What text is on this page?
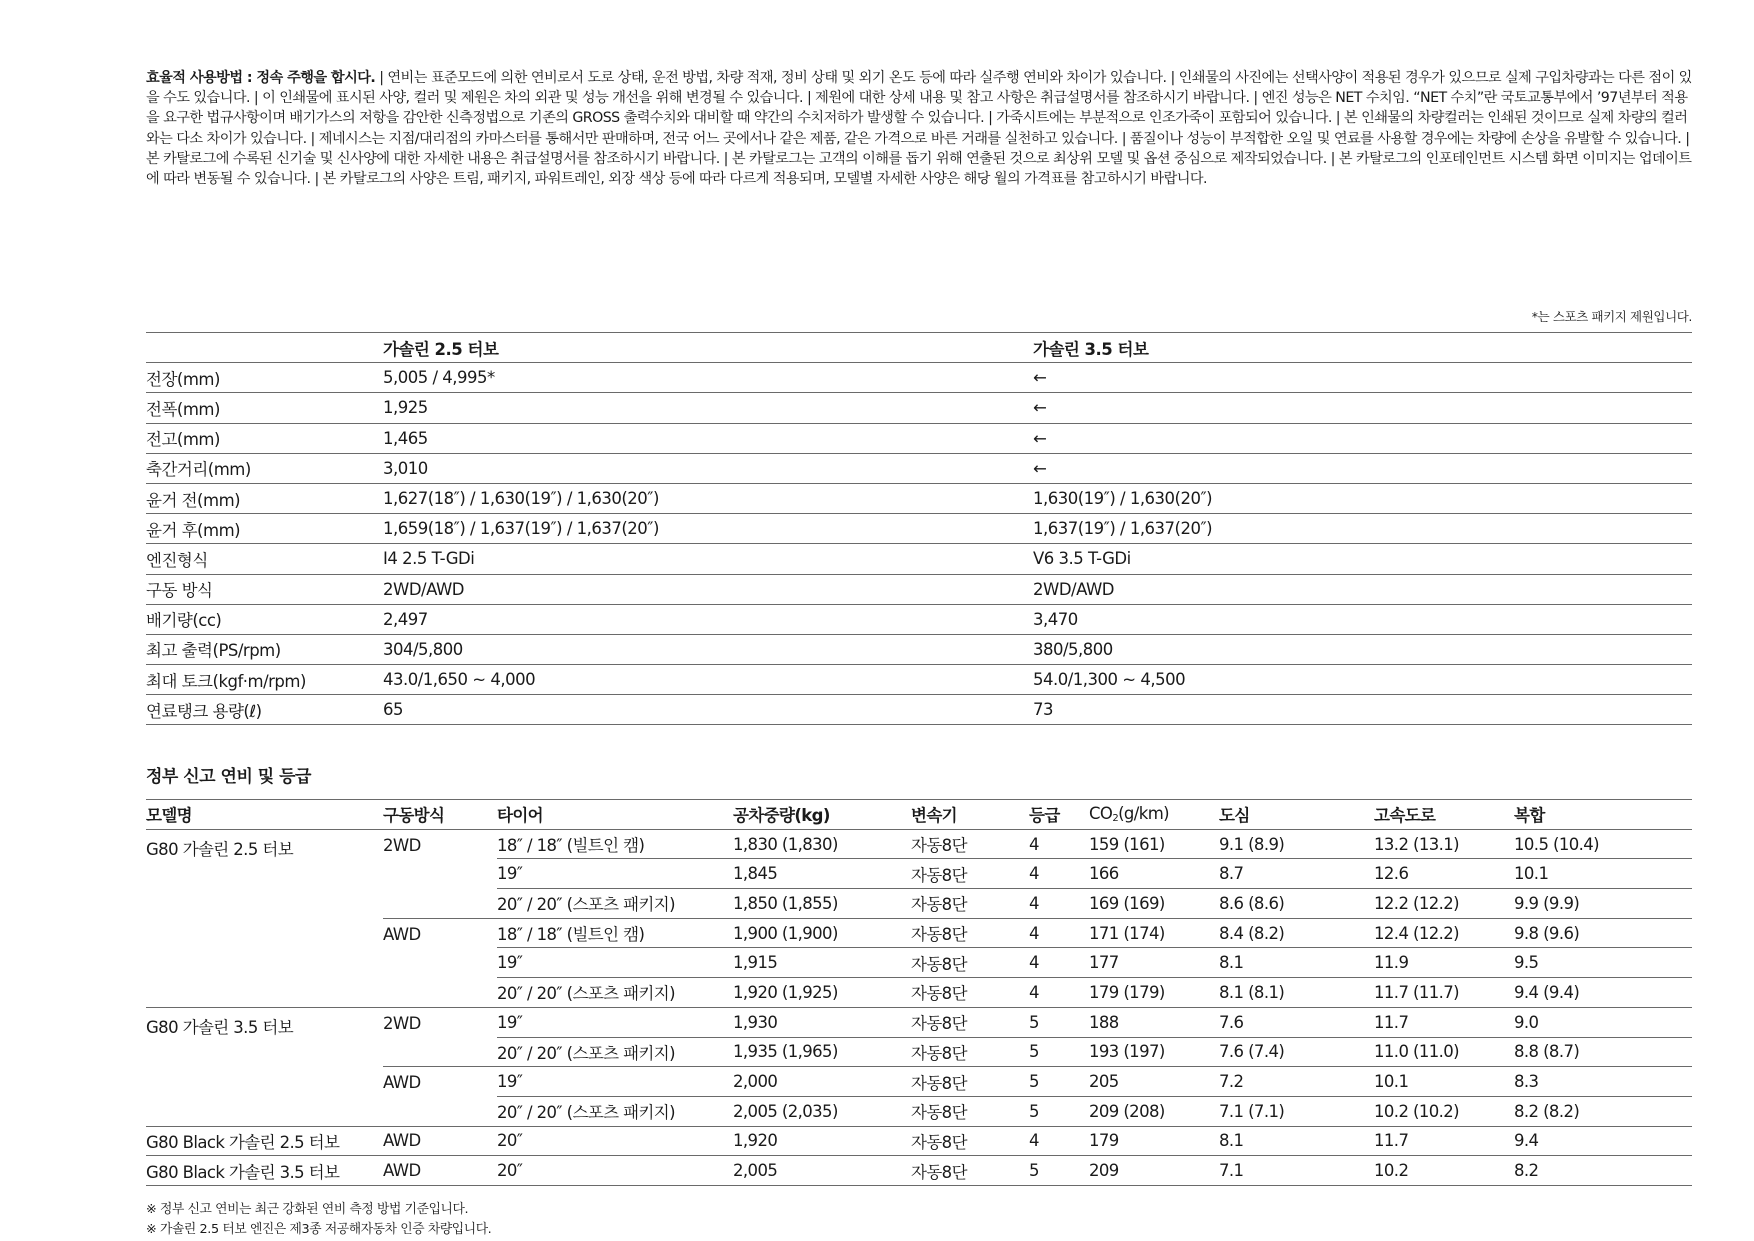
효율적 사용방법 : 정속 주행을 합시다. | 연비는 표준모드에 의한 연비로서 도로 상태, 운전 방법, 차량 적재, 정비 상태 및 외기 온도 등에 따라 실주행 연비와 차이가 있습니다. | 인쇄물의 사진에는 선택사양이 적용된 경우가 있으므로 실제 구입차량과는 다른 점이 있을 수도 있습니다. | 이 인쇄물에 표시된 사양, 컬러 및 제원은 차의 외관 및 성능 개선을 위해 변경될 수 있습니다. | 제원에 대한 상세 내용 및 참고 사항은 취급설명서를 참조하시기 바랍니다. | 엔진 성능은 NET 수치임. “NET 수치”란 국토교통부에서 ’97년부터 적용을 요구한 법규사항이며 배기가스의 저항을 감안한 신측정법으로 기존의 GROSS 출력수치와 대비할 때 약간의 수치저하가 발생할 수 있습니다. | 가죽시트에는 부분적으로 인조가죽이 포함되어 있습니다. | 본 인쇄물의 차량컬러는 인쇄된 것이므로 실제 차량의 컬러와는 다소 차이가 있습니다. | 제네시스는 지점/대리점의 카마스터를 통해서만 판매하며, 전국 어느 곳에서나 같은 제품, 같은 가격으로 바른 거래를 실천하고 있습니다. | 품질이나 성능이 부적합한 오일 및 연료를 사용할 경우에는 차량에 손상을 유발할 수 있습니다. | 본 카탈로그에 수록된 신기술 및 신사양에 대한 자세한 내용은 취급설명서를 참조하시기 바랍니다. | 본 카탈로그는 고객의 이해를 돕기 위해 연출된 것으로 최상위 모델 및 옵션 중심으로 제작되었습니다. | 본 카탈로그의 인포테인먼트 시스템 화면 이미지는 업데이트에 따라 변동될 수 있습니다. | 본 카탈로그의 사양은 트림, 패키지, 파워트레인, 외장 색상 등에 따라 다르게 적용되며, 모델별 자세한 사양은 해당 월의 가격표를 참고하시기 바랍니다.

*는 스포츠 패키지 제원입니다.
	가솔린 2.5 터보	가솔린 3.5 터보
전장(mm)	5,005 / 4,995*	←
전폭(mm)	1,925	←
전고(mm)	1,465	←
축간거리(mm)	3,010	←
윤거 전(mm)	1,627(18″) / 1,630(19″) / 1,630(20″)	1,630(19″) / 1,630(20″)
윤거 후(mm)	1,659(18″) / 1,637(19″) / 1,637(20″)	1,637(19″) / 1,637(20″)
엔진형식	I4 2.5 T-GDi	V6 3.5 T-GDi
구동 방식	2WD/AWD	2WD/AWD
배기량(cc)	2,497	3,470
최고 출력(PS/rpm)	304/5,800	380/5,800
최대 토크(kgf·m/rpm)	43.0/1,650 ~ 4,000	54.0/1,300 ~ 4,500
연료탱크 용량(ℓ)	65	73
정부 신고 연비 및 등급
모델명	구동방식	타이어	공차중량(kg)	변속기	등급	$CO_2(g/km)$	도심	고속도로	복합
G80 가솔린 2.5 터보	2WD	18″ / 18″ (빌트인 캠)	1,830 (1,830)	자동8단	4	159 (161)	9.1 (8.9)	13.2 (13.1)	10.5 (10.4)
		19″	1,845	자동8단	4	166	8.7	12.6	10.1
		20″ / 20″ (스포츠 패키지)	1,850 (1,855)	자동8단	4	169 (169)	8.6 (8.6)	12.2 (12.2)	9.9 (9.9)
	AWD	18″ / 18″ (빌트인 캠)	1,900 (1,900)	자동8단	4	171 (174)	8.4 (8.2)	12.4 (12.2)	9.8 (9.6)
		19″	1,915	자동8단	4	177	8.1	11.9	9.5
		20″ / 20″ (스포츠 패키지)	1,920 (1,925)	자동8단	4	179 (179)	8.1 (8.1)	11.7 (11.7)	9.4 (9.4)
G80 가솔린 3.5 터보	2WD	19″	1,930	자동8단	5	188	7.6	11.7	9.0
		20″ / 20″ (스포츠 패키지)	1,935 (1,965)	자동8단	5	193 (197)	7.6 (7.4)	11.0 (11.0)	8.8 (8.7)
	AWD	19″	2,000	자동8단	5	205	7.2	10.1	8.3
		20″ / 20″ (스포츠 패키지)	2,005 (2,035)	자동8단	5	209 (208)	7.1 (7.1)	10.2 (10.2)	8.2 (8.2)
G80 Black 가솔린 2.5 터보	AWD	20″	1,920	자동8단	4	179	8.1	11.7	9.4
G80 Black 가솔린 3.5 터보	AWD	20″	2,005	자동8단	5	209	7.1	10.2	8.2

※ 정부 신고 연비는 최근 강화된 연비 측정 방법 기준입니다.

※ 가솔린 2.5 터보 엔진은 제3종 저공해자동차 인증 차량입니다.
